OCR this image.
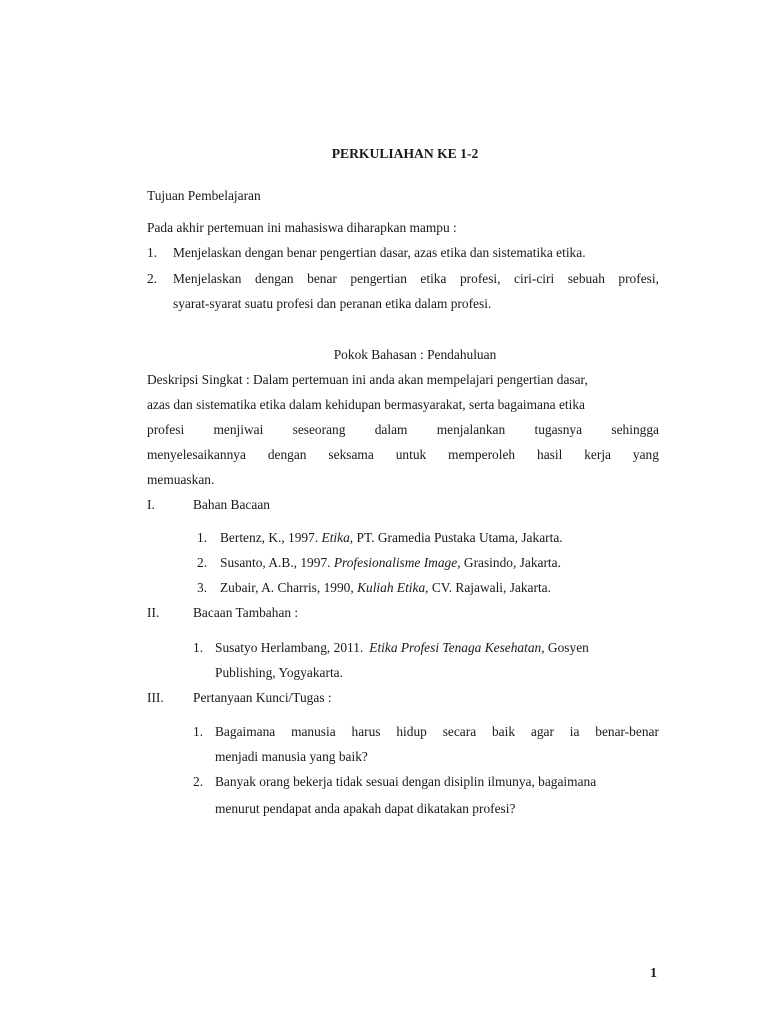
PERKULIAHAN KE 1-2

Tujuan Pembelajaran

Pada akhir pertemuan ini mahasiswa diharapkan mampu :

1. Menjelaskan dengan benar pengertian dasar, azas etika dan sistematika etika.
2. Menjelaskan dengan benar pengertian etika profesi, ciri-ciri sebuah profesi,
syarat-syarat suatu profesi dan peranan etika dalam profesi.

Pokok Bahasan : Pendahuluan

Deskripsi Singkat : Dalam pertemuan ini anda akan mempelajari pengertian dasar,

azas dan sistematika etika dalam kehidupan bermasyarakat, serta bagaimana etika

profesi menjiwai seseorang dalam menjalankan tugasnya sehingga
menyelesaikannya dengan seksama untuk memperoleh hasil kerja yang

memuaskan.

I.	Bahan Bacaan
1. Bertenz, K., 1997. Etika, PT. Gramedia Pustaka Utama, Jakarta.

2. Susanto, A.B., 1997. Profesionalisme Image, Grasindo, Jakarta.

3. Zubair, A. Charris, 1990, Kuliah Etika, CV. Rajawali, Jakarta.

II.	Bacaan Tambahan :
1. Susatyo Herlambang, 2011. Etika Profesi Tenaga Kesehatan, Gosyen
Publishing, Yogyakarta.
III. Pertanyaan Kunci/Tugas :
1. Bagaimana manusia harus hidup secara baik agar ia benar-benar
menjadi manusia yang baik?
2. Banyak orang bekerja tidak sesuai dengan disiplin ilmunya, bagaimana
menurut pendapat anda apakah dapat dikatakan profesi?
1
